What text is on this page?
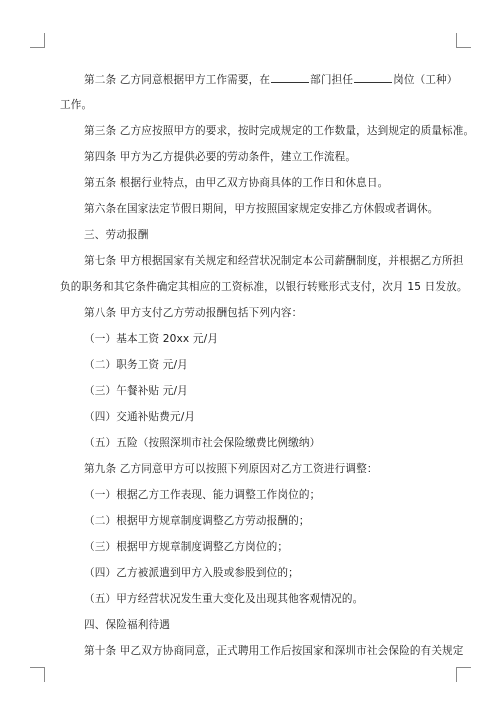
第二条 乙方同意根据甲方工作需要，在	部门担任	岗位（工种）
工作。
第三条 乙方应按照甲方的要求，按时完成规定的工作数量，达到规定的质量标准。
第四条 甲方为乙方提供必要的劳动条件，建立工作流程。
第五条 根据行业特点，由甲乙双方协商具体的工作日和休息日。
第六条在国家法定节假日期间，甲方按照国家规定安排乙方休假或者调休。
三、劳动报酬
第七条 甲方根据国家有关规定和经营状况制定本公司薪酬制度，并根据乙方所担
负的职务和其它条件确定其相应的工资标准，以银行转账形式支付，次月 15 日发放。
第八条 甲方支付乙方劳动报酬包括下列内容：
（一）基本工资 20xx 元/月
（二）职务工资 元/月
（三）午餐补贴 元/月
（四）交通补贴费元/月
（五）五险（按照深圳市社会保险缴费比例缴纳）
第九条 乙方同意甲方可以按照下列原因对乙方工资进行调整：
（一）根据乙方工作表现、能力调整工作岗位的；
（二）根据甲方规章制度调整乙方劳动报酬的；
（三）根据甲方规章制度调整乙方岗位的；
（四）乙方被派遣到甲方入股或参股到位的；
（五）甲方经营状况发生重大变化及出现其他客观情况的。
四、保险福利待遇
第十条 甲乙双方协商同意，正式聘用工作后按国家和深圳市社会保险的有关规定
